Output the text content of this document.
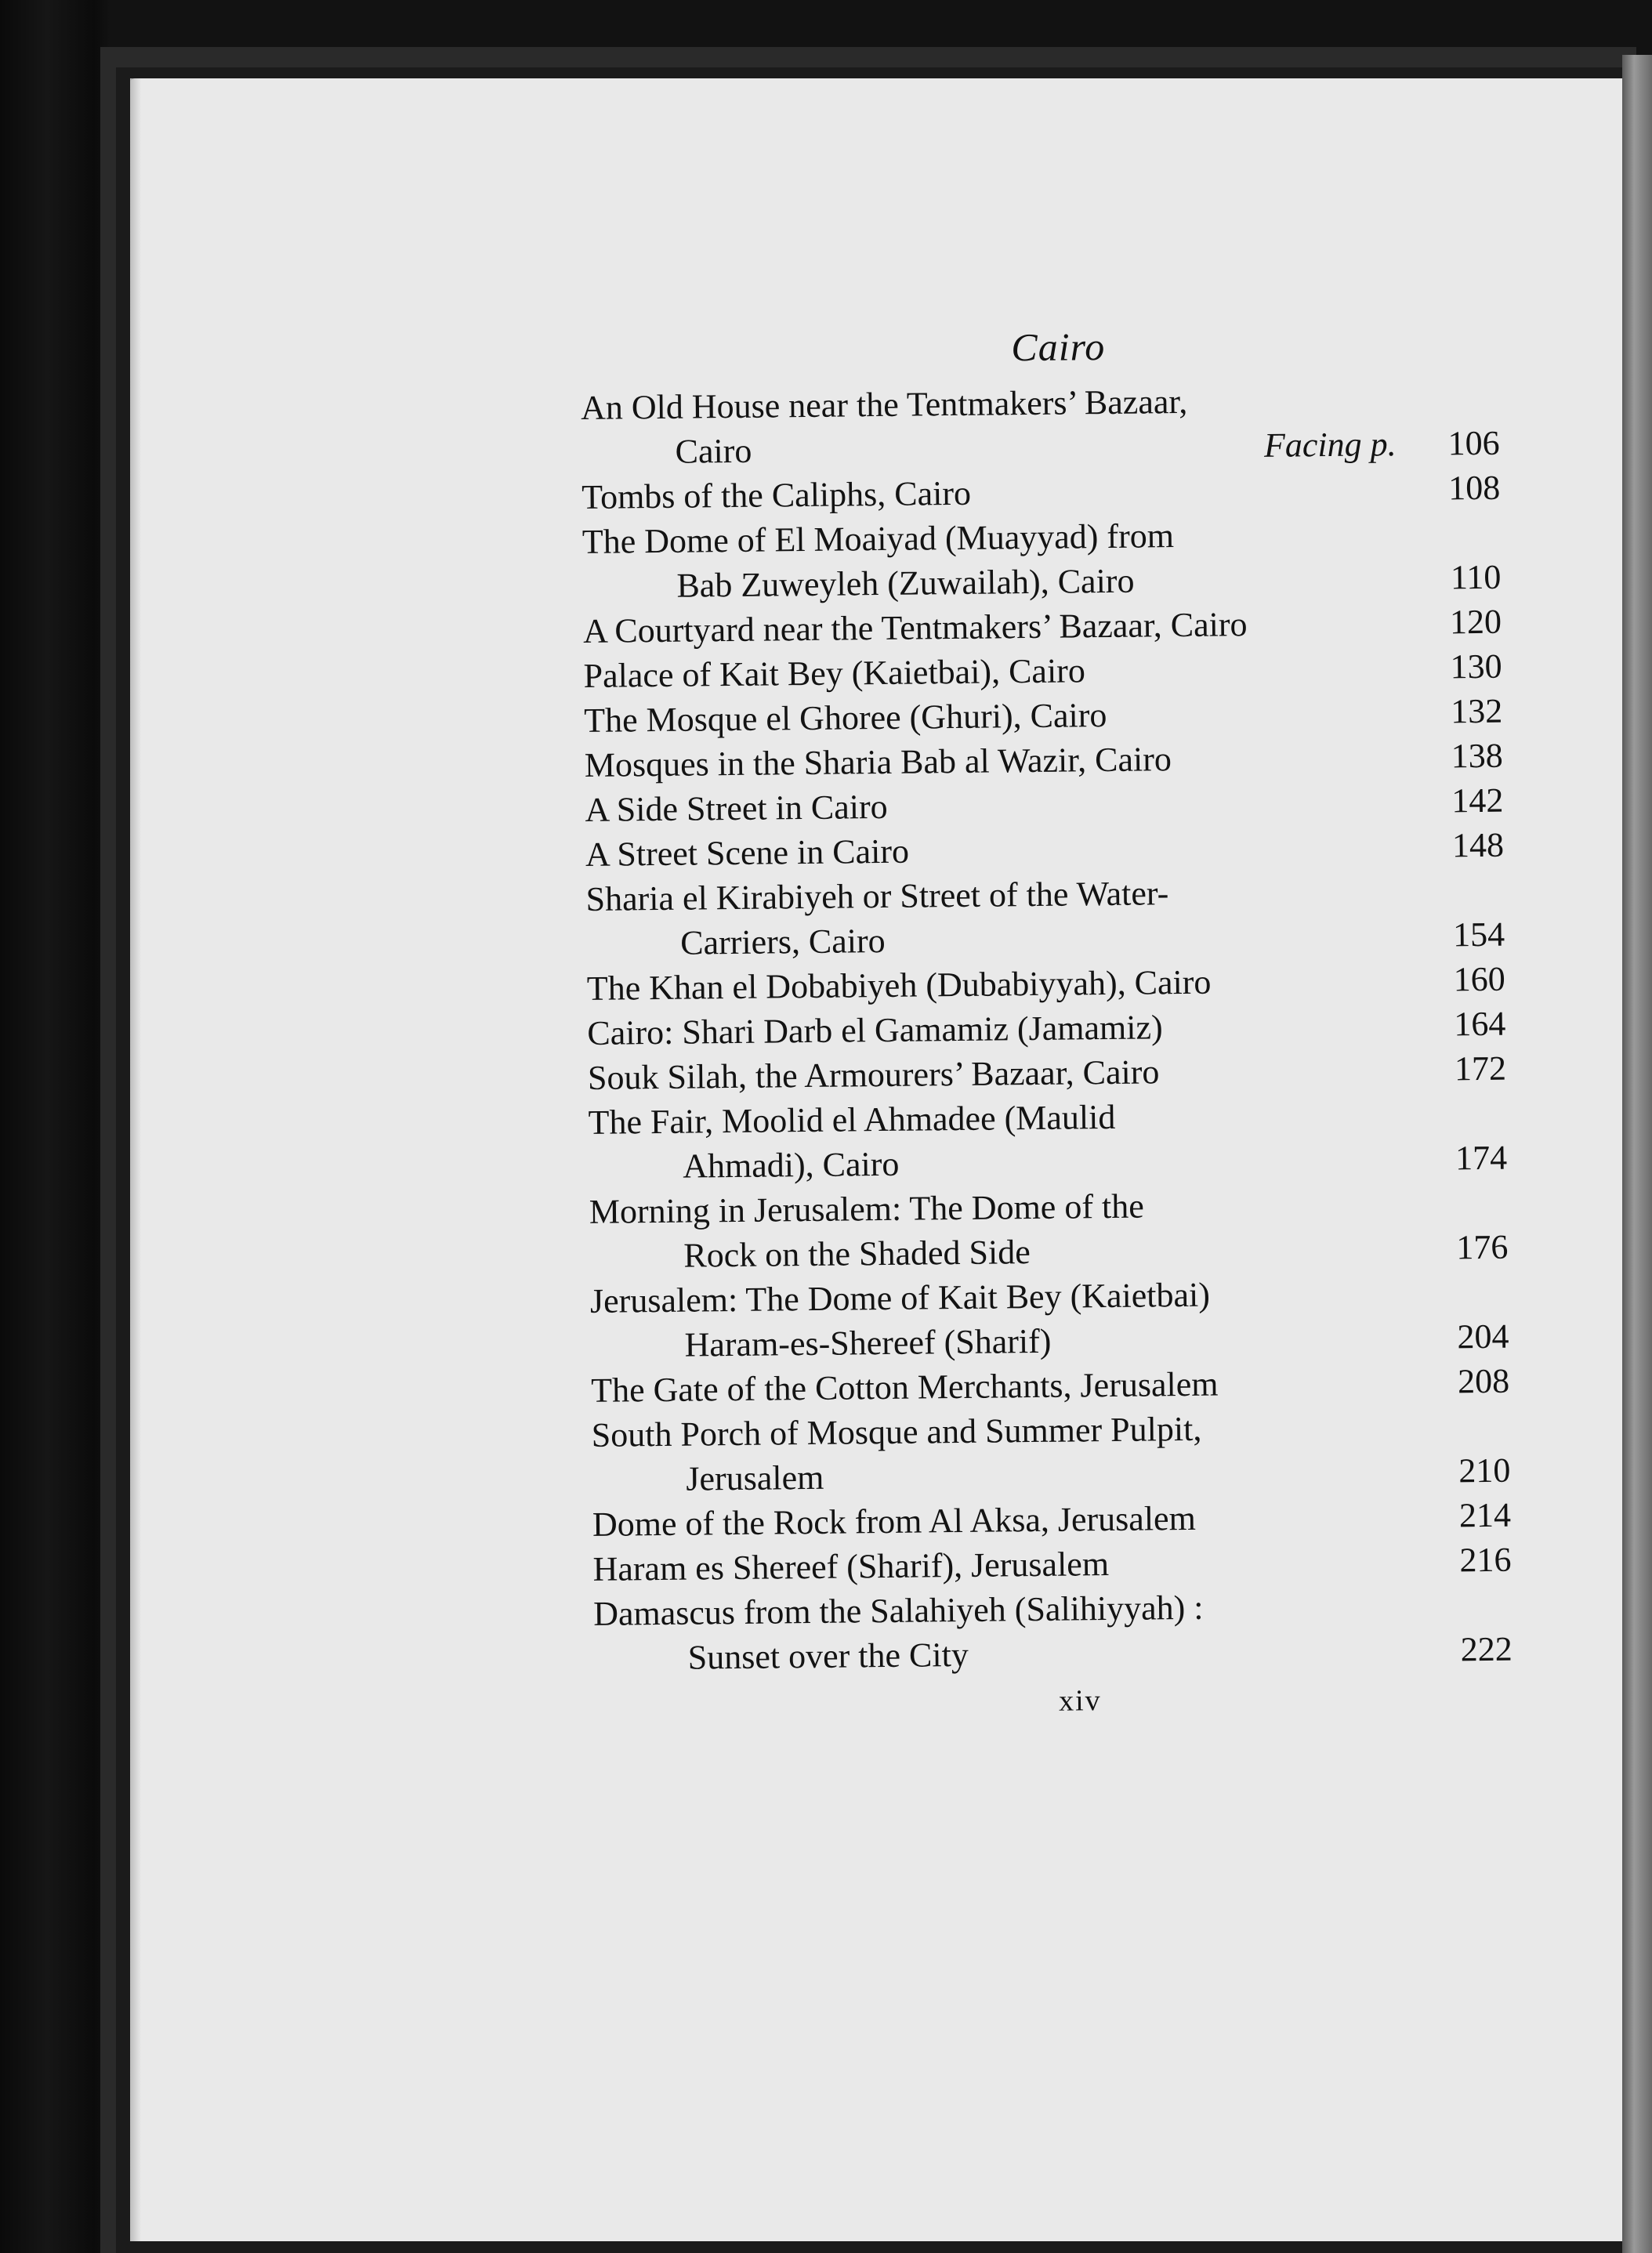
Cairo
An Old House near the Tentmakers’ Bazaar,
Cairo	Facing p.	106
Tombs of the Caliphs, Cairo	108
The Dome of El Moaiyad (Muayyad) from
Bab Zuweyleh (Zuwailah), Cairo	110
A Courtyard near the Tentmakers’ Bazaar, Cairo	120
Palace of Kait Bey (Kaietbai), Cairo	130
The Mosque el Ghoree (Ghuri), Cairo	132
Mosques in the Sharia Bab al Wazir, Cairo	138
A Side Street in Cairo	142
A Street Scene in Cairo	148
Sharia el Kirabiyeh or Street of the Water-
Carriers, Cairo	154
The Khan el Dobabiyeh (Dubabiyyah), Cairo	160
Cairo: Shari Darb el Gamamiz (Jamamiz)	164
Souk Silah, the Armourers’ Bazaar, Cairo	172
The Fair, Moolid el Ahmadee (Maulid
Ahmadi), Cairo	174
Morning in Jerusalem: The Dome of the
Rock on the Shaded Side	176
Jerusalem: The Dome of Kait Bey (Kaietbai)
Haram-es-Shereef (Sharif)	204
The Gate of the Cotton Merchants, Jerusalem	208
South Porch of Mosque and Summer Pulpit,
Jerusalem	210
Dome of the Rock from Al Aksa, Jerusalem	214
Haram es Shereef (Sharif), Jerusalem	216
Damascus from the Salahiyeh (Salihiyyah) :
Sunset over the City	222
xiv
